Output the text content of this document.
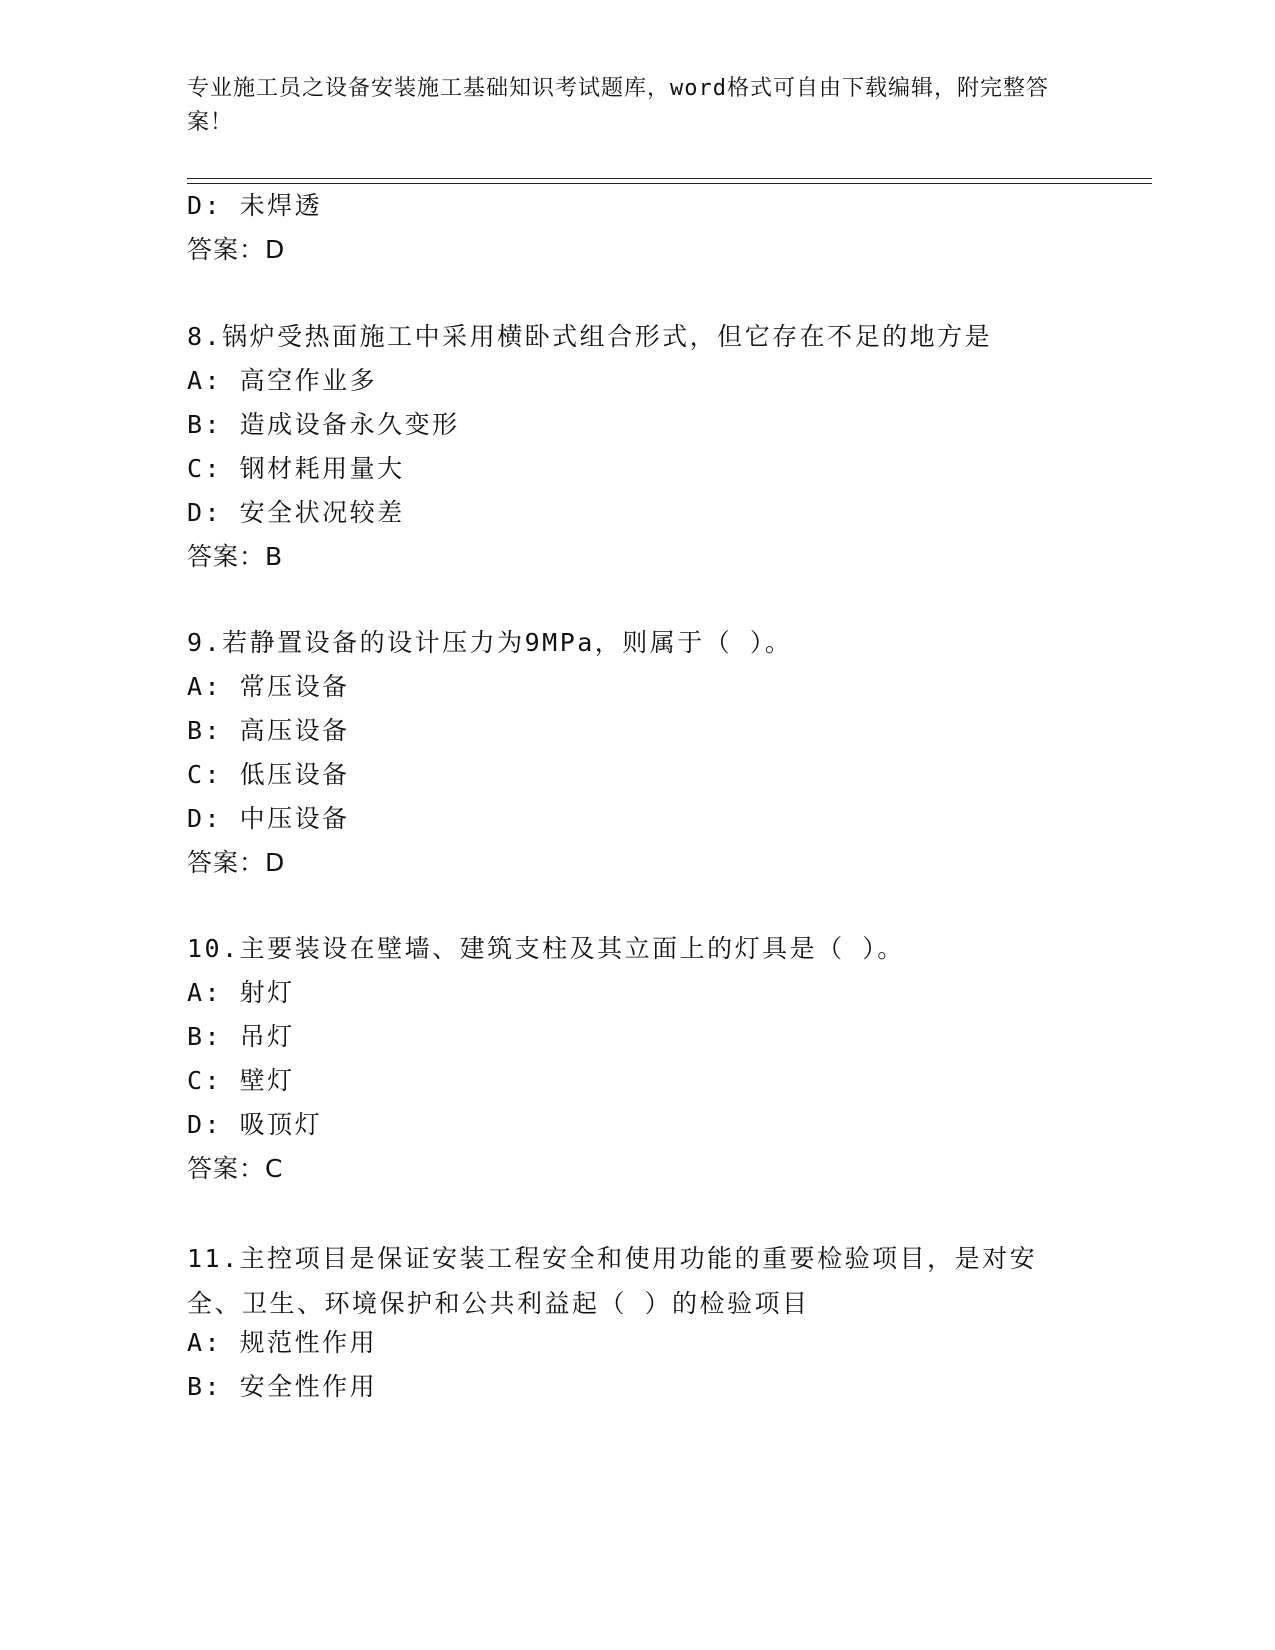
专业施工员之设备安装施工基础知识考试题库，word格式可自由下载编辑，附完整答案！
D: 未焊透
答案：D
8.锅炉受热面施工中采用横卧式组合形式，但它存在不足的地方是
A: 高空作业多
B: 造成设备永久变形
C: 钢材耗用量大
D: 安全状况较差
答案：B
9.若静置设备的设计压力为9MPa，则属于（ ）。
A: 常压设备
B: 高压设备
C: 低压设备
D: 中压设备
答案：D
10.主要装设在壁墙、建筑支柱及其立面上的灯具是（ ）。
A: 射灯
B: 吊灯
C: 壁灯
D: 吸顶灯
答案：C
11.主控项目是保证安装工程安全和使用功能的重要检验项目，是对安全、卫生、环境保护和公共利益起（ ）的检验项目
A: 规范性作用
B: 安全性作用
